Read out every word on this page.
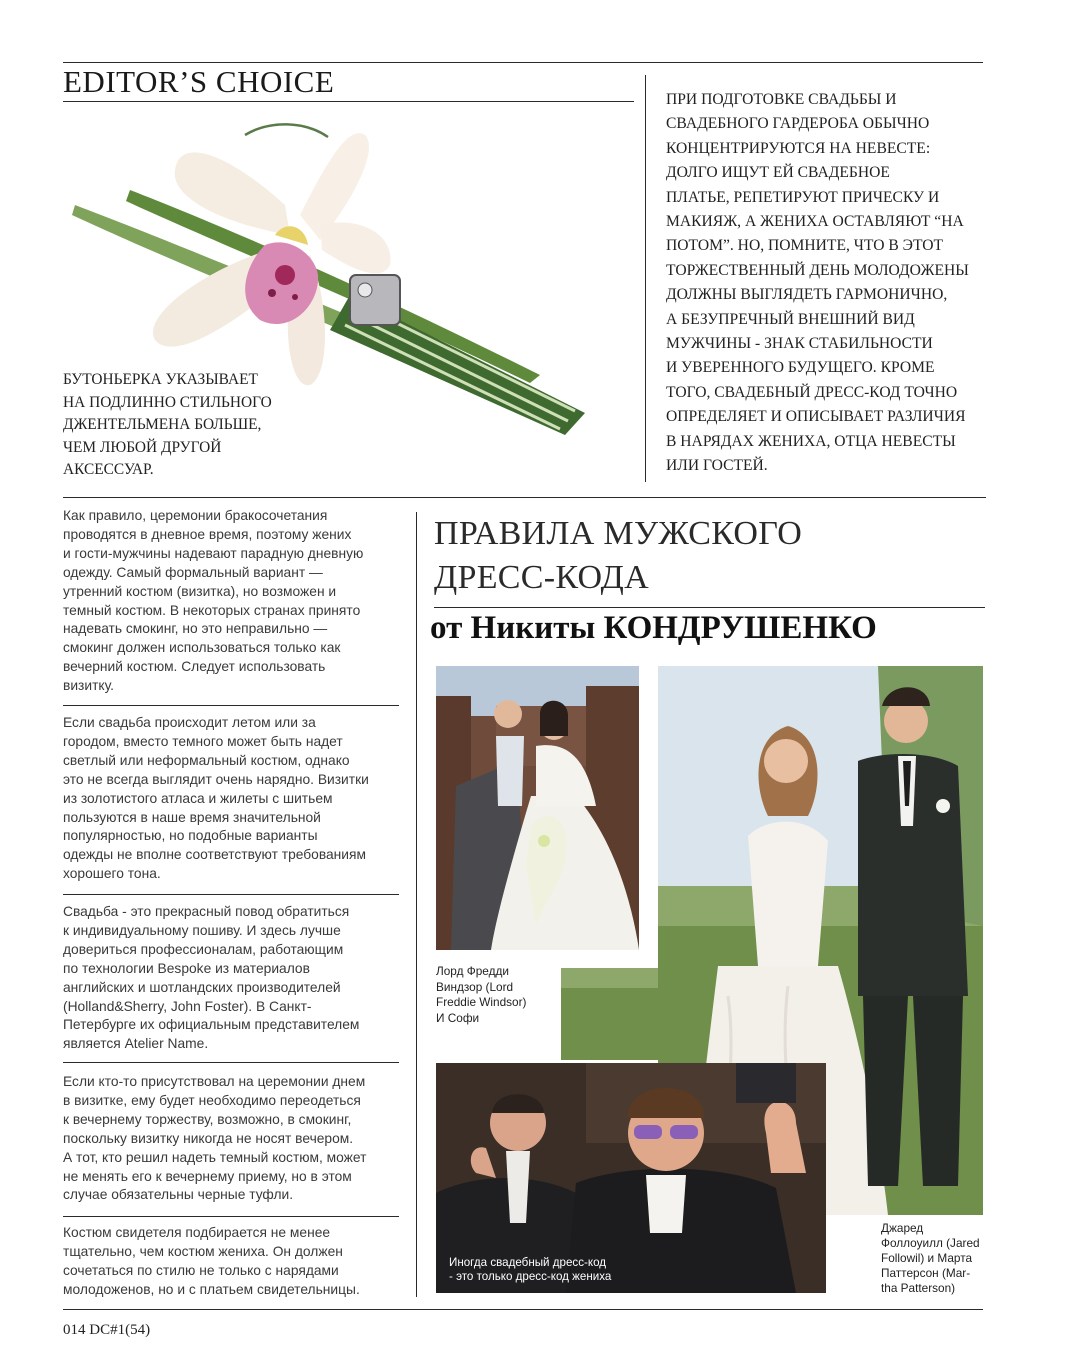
EDITOR’S CHOICE
БУТОНЬЕРКА УКАЗЫВАЕТ
НА ПОДЛИННО СТИЛЬНОГО
ДЖЕНТЕЛЬМЕНА БОЛЬШЕ,
ЧЕМ ЛЮБОЙ ДРУГОЙ
АКСЕССУАР.
ПРИ ПОДГОТОВКЕ СВАДЬБЫ И
СВАДЕБНОГО ГАРДЕРОБА ОБЫЧНО
КОНЦЕНТРИРУЮТСЯ НА НЕВЕСТЕ:
ДОЛГО ИЩУТ ЕЙ СВАДЕБНОЕ
ПЛАТЬЕ, РЕПЕТИРУЮТ ПРИЧЕСКУ И
МАКИЯЖ, А ЖЕНИХА ОСТАВЛЯЮТ “НА
ПОТОМ”. НО, ПОМНИТЕ, ЧТО В ЭТОТ
ТОРЖЕСТВЕННЫЙ ДЕНЬ МОЛОДОЖЕНЫ
ДОЛЖНЫ ВЫГЛЯДЕТЬ ГАРМОНИЧНО,
А БЕЗУПРЕЧНЫЙ ВНЕШНИЙ ВИД
МУЖЧИНЫ - ЗНАК СТАБИЛЬНОСТИ
И УВЕРЕННОГО БУДУЩЕГО. КРОМЕ
ТОГО, СВАДЕБНЫЙ ДРЕСС-КОД ТОЧНО
ОПРЕДЕЛЯЕТ И ОПИСЫВАЕТ РАЗЛИЧИЯ
В НАРЯДАХ ЖЕНИХА, ОТЦА НЕВЕСТЫ
ИЛИ ГОСТЕЙ.
Как правило, церемонии бракосочетания
проводятся в дневное время, поэтому жених
и гости-мужчины надевают парадную дневную
одежду. Самый формальный вариант —
утренний костюм (визитка), но возможен и
темный костюм. В некоторых странах принято
надевать смокинг, но это неправильно —
смокинг должен использоваться только как
вечерний костюм. Следует использовать
визитку.
Если свадьба происходит летом или за
городом, вместо темного может быть надет
светлый или неформальный костюм, однако
это не всегда выглядит очень нарядно. Визитки
из золотистого атласа и жилеты с шитьем
пользуются в наше время значительной
популярностью, но подобные варианты
одежды не вполне соответствуют требованиям
хорошего тона.
Свадьба - это прекрасный повод обратиться
к индивидуальному пошиву. И здесь лучше
довериться профессионалам, работающим
по технологии Bespoke из материалов
английских и шотландских производителей
(Holland&Sherry, John Foster). В Санкт-
Петербурге их официальным представителем
является Atelier Name.
Если кто-то присутствовал на церемонии днем
в визитке, ему будет необходимо переодеться
к вечернему торжеству, возможно, в смокинг,
поскольку визитку никогда не носят вечером.
А тот, кто решил надеть темный костюм, может
не менять его к вечернему приему, но в этом
случае обязательны черные туфли.
Костюм свидетеля подбирается не менее
тщательно, чем костюм жениха. Он должен
сочетаться по стилю не только с нарядами
молодоженов, но и с платьем свидетельницы.
ПРАВИЛА МУЖСКОГО
ДРЕСС-КОДА
от Никиты КОНДРУШЕНКО
Лорд Фредди
Виндзор (Lord
Freddie Windsor)
И Софи
Иногда свадебный дресс-код
- это только дресс-код жениха
Джаред
Фоллоуилл (Jared
Followil) и Марта
Паттерсон (Mar-
tha Patterson)
014 DC#1(54)
